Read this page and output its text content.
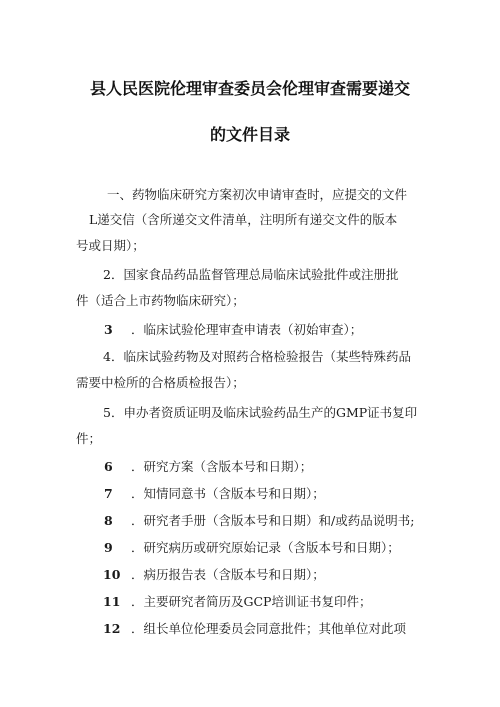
县人民医院伦理审查委员会伦理审查需要递交
的文件目录
一、药物临床研究方案初次申请审查时，应提交的文件
L递交信（含所递交文件清单，注明所有递交文件的版本
号或日期）；
2．国家食品药品监督管理总局临床试验批件或注册批
件（适合上市药物临床研究）；
3 ．临床试验伦理审查申请表（初始审查）；
4．临床试验药物及对照药合格检验报告（某些特殊药品
需要中检所的合格质检报告）；
5．申办者资质证明及临床试验药品生产的GMP证书复印
件；
6 ．研究方案（含版本号和日期）；
7 ．知情同意书（含版本号和日期）；
8 ．研究者手册（含版本号和日期）和/或药品说明书;
9 ．研究病历或研究原始记录（含版本号和日期）；
10 ．病历报告表（含版本号和日期）；
11 ．主要研究者简历及GCP培训证书复印件；
12 ．组长单位伦理委员会同意批件；其他单位对此项
